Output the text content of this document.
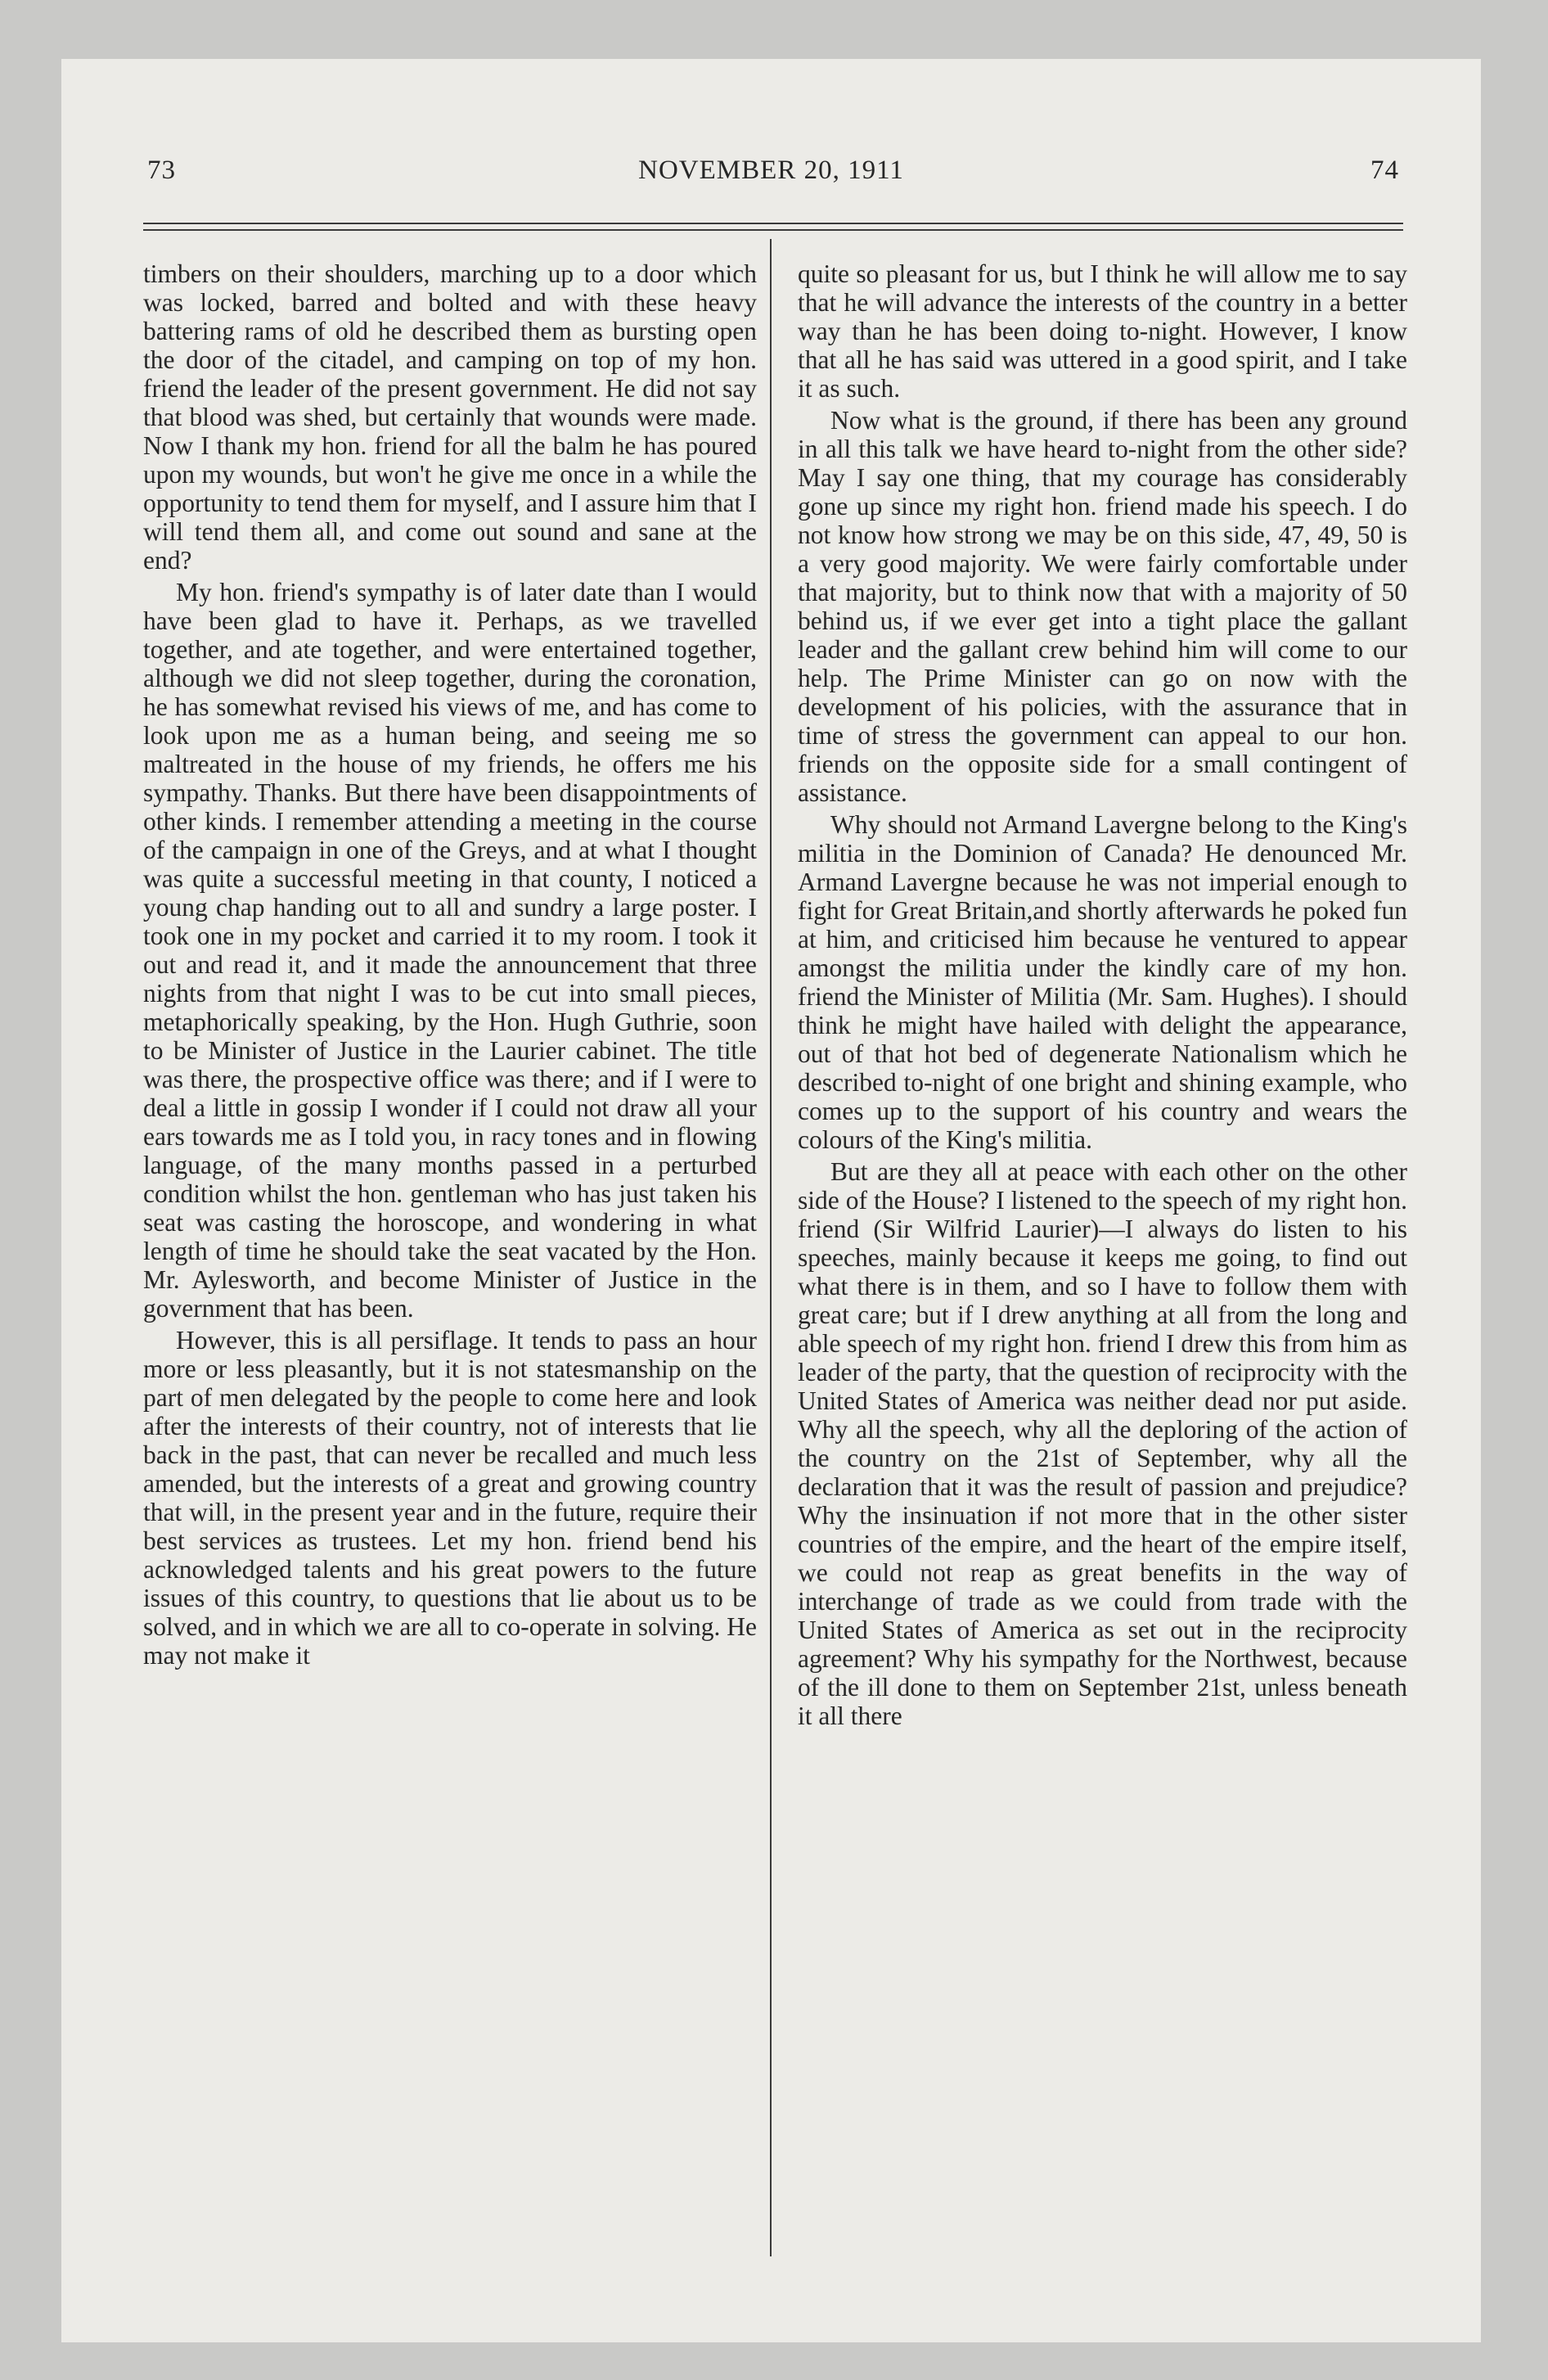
73	NOVEMBER 20, 1911	74

timbers on their shoulders, marching up to a door which was locked, barred and bolted and with these heavy battering rams of old he described them as bursting open the door of the citadel, and camping on top of my hon. friend the leader of the present government. He did not say that blood was shed, but certainly that wounds were made. Now I thank my hon. friend for all the balm he has poured upon my wounds, but won't he give me once in a while the opportunity to tend them for myself, and I assure him that I will tend them all, and come out sound and sane at the end?

My hon. friend's sympathy is of later date than I would have been glad to have it. Perhaps, as we travelled together, and ate together, and were entertained together, although we did not sleep together, during the coronation, he has somewhat revised his views of me, and has come to look upon me as a human being, and seeing me so maltreated in the house of my friends, he offers me his sympathy. Thanks. But there have been disappointments of other kinds. I remember attending a meeting in the course of the campaign in one of the Greys, and at what I thought was quite a successful meeting in that county, I noticed a young chap handing out to all and sundry a large poster. I took one in my pocket and carried it to my room. I took it out and read it, and it made the announcement that three nights from that night I was to be cut into small pieces, metaphorically speaking, by the Hon. Hugh Guthrie, soon to be Minister of Justice in the Laurier cabinet. The title was there, the prospective office was there; and if I were to deal a little in gossip I wonder if I could not draw all your ears towards me as I told you, in racy tones and in flowing language, of the many months passed in a perturbed condition whilst the hon. gentleman who has just taken his seat was casting the horoscope, and wondering in what length of time he should take the seat vacated by the Hon. Mr. Aylesworth, and become Minister of Justice in the government that has been.

However, this is all persiflage. It tends to pass an hour more or less pleasantly, but it is not statesmanship on the part of men delegated by the people to come here and look after the interests of their country, not of interests that lie back in the past, that can never be recalled and much less amended, but the interests of a great and growing country that will, in the present year and in the future, require their best services as trustees. Let my hon. friend bend his acknowledged talents and his great powers to the future issues of this country, to questions that lie about us to be solved, and in which we are all to co-operate in solving. He may not make it

quite so pleasant for us, but I think he will allow me to say that he will advance the interests of the country in a better way than he has been doing to-night. However, I know that all he has said was uttered in a good spirit, and I take it as such.

Now what is the ground, if there has been any ground in all this talk we have heard to-night from the other side? May I say one thing, that my courage has considerably gone up since my right hon. friend made his speech. I do not know how strong we may be on this side, 47, 49, 50 is a very good majority. We were fairly comfortable under that majority, but to think now that with a majority of 50 behind us, if we ever get into a tight place the gallant leader and the gallant crew behind him will come to our help. The Prime Minister can go on now with the development of his policies, with the assurance that in time of stress the government can appeal to our hon. friends on the opposite side for a small contingent of assistance.

Why should not Armand Lavergne belong to the King's militia in the Dominion of Canada? He denounced Mr. Armand Lavergne because he was not imperial enough to fight for Great Britain,and shortly afterwards he poked fun at him, and criticised him because he ventured to appear amongst the militia under the kindly care of my hon. friend the Minister of Militia (Mr. Sam. Hughes). I should think he might have hailed with delight the appearance, out of that hot bed of degenerate Nationalism which he described to-night of one bright and shining example, who comes up to the support of his country and wears the colours of the King's militia.

But are they all at peace with each other on the other side of the House? I listened to the speech of my right hon. friend (Sir Wilfrid Laurier)—I always do listen to his speeches, mainly because it keeps me going, to find out what there is in them, and so I have to follow them with great care; but if I drew anything at all from the long and able speech of my right hon. friend I drew this from him as leader of the party, that the question of reciprocity with the United States of America was neither dead nor put aside. Why all the speech, why all the deploring of the action of the country on the 21st of September, why all the declaration that it was the result of passion and prejudice? Why the insinuation if not more that in the other sister countries of the empire, and the heart of the empire itself, we could not reap as great benefits in the way of interchange of trade as we could from trade with the United States of America as set out in the reciprocity agreement? Why his sympathy for the Northwest, because of the ill done to them on September 21st, unless beneath it all there
